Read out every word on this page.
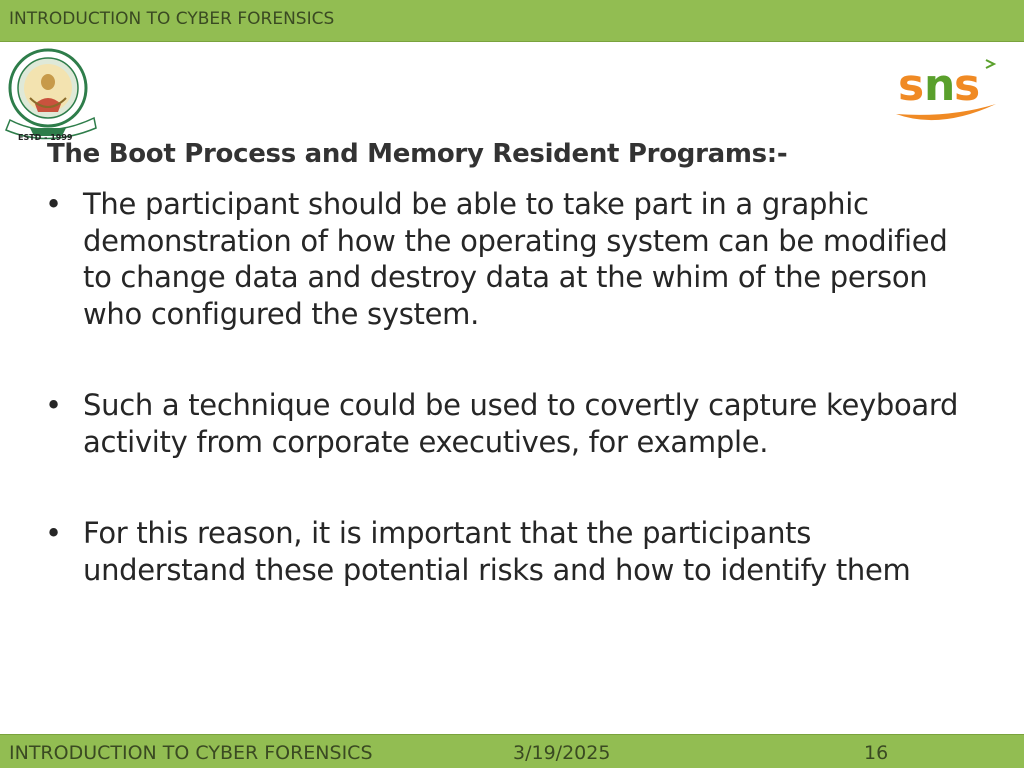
INTRODUCTION TO CYBER FORENSICS
ESTD - 1999
s n s
The Boot Process and Memory Resident Programs:-
• The participant should be able to take part in a graphic demonstration of how the operating system can be modified to change data and destroy data at the whim of the person who configured the system.
• Such a technique could be used to covertly capture keyboard activity from corporate executives, for example.
• For this reason, it is important that the participants understand these potential risks and how to identify them
INTRODUCTION TO CYBER FORENSICS	3/19/2025	16
